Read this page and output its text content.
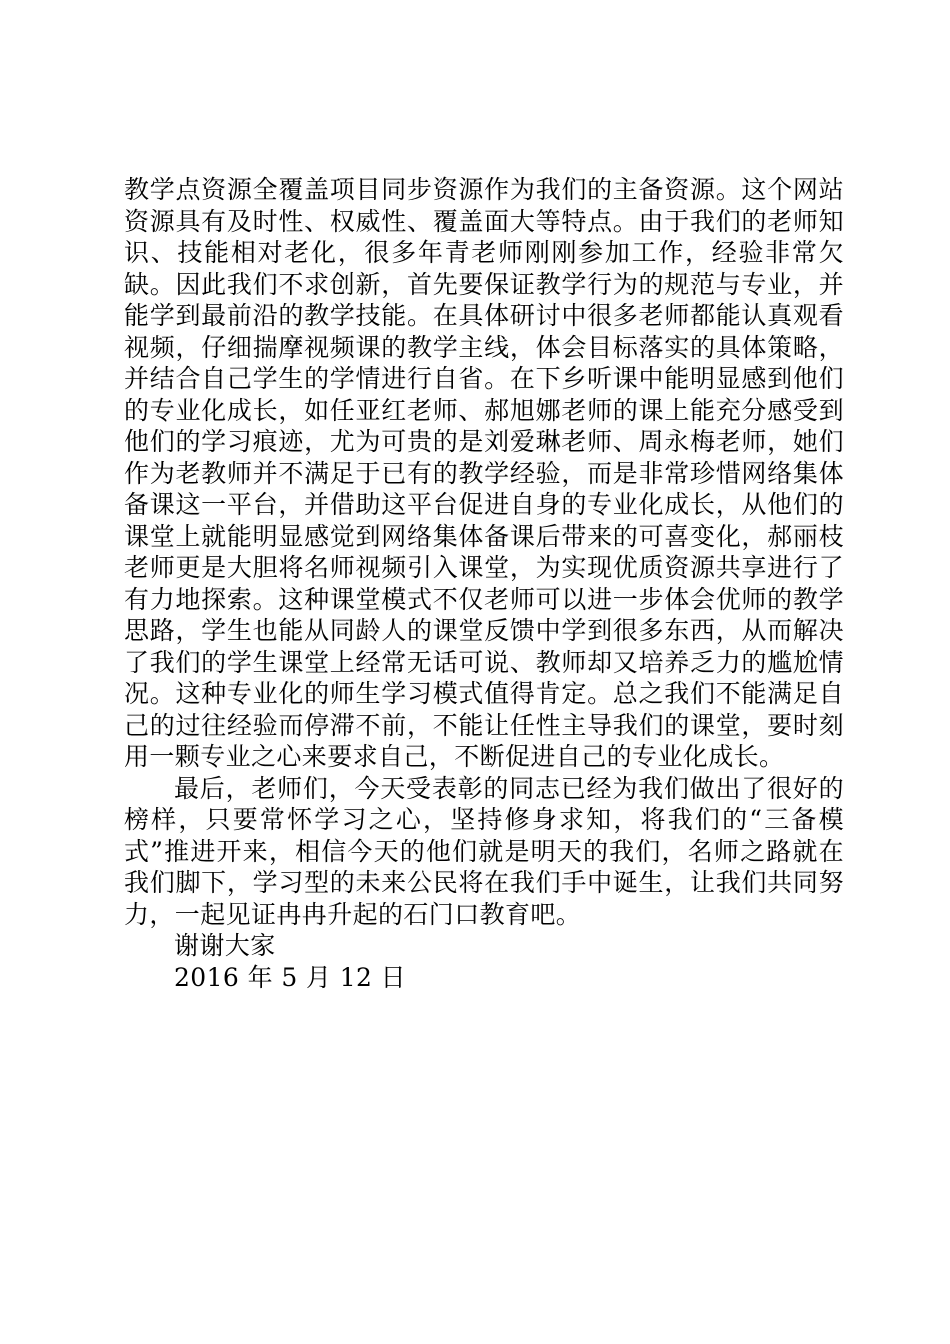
教学点资源全覆盖项目同步资源作为我们的主备资源。这个网站资源具有及时性、权威性、覆盖面大等特点。由于我们的老师知识、技能相对老化，很多年青老师刚刚参加工作，经验非常欠缺。因此我们不求创新，首先要保证教学行为的规范与专业，并能学到最前沿的教学技能。在具体研讨中很多老师都能认真观看视频，仔细揣摩视频课的教学主线，体会目标落实的具体策略，并结合自己学生的学情进行自省。在下乡听课中能明显感到他们的专业化成长，如任亚红老师、郝旭娜老师的课上能充分感受到他们的学习痕迹，尤为可贵的是刘爱琳老师、周永梅老师，她们作为老教师并不满足于已有的教学经验，而是非常珍惜网络集体备课这一平台，并借助这平台促进自身的专业化成长，从他们的课堂上就能明显感觉到网络集体备课后带来的可喜变化，郝丽枝老师更是大胆将名师视频引入课堂，为实现优质资源共享进行了有力地探索。这种课堂模式不仅老师可以进一步体会优师的教学思路，学生也能从同龄人的课堂反馈中学到很多东西，从而解决了我们的学生课堂上经常无话可说、教师却又培养乏力的尴尬情况。这种专业化的师生学习模式值得肯定。总之我们不能满足自己的过往经验而停滞不前，不能让任性主导我们的课堂，要时刻用一颗专业之心来要求自己，不断促进自己的专业化成长。

最后，老师们，今天受表彰的同志已经为我们做出了很好的榜样，只要常怀学习之心，坚持修身求知，将我们的“三备模式”推进开来，相信今天的他们就是明天的我们，名师之路就在我们脚下，学习型的未来公民将在我们手中诞生，让我们共同努力，一起见证冉冉升起的石门口教育吧。

谢谢大家

2016 年 5 月 12 日
